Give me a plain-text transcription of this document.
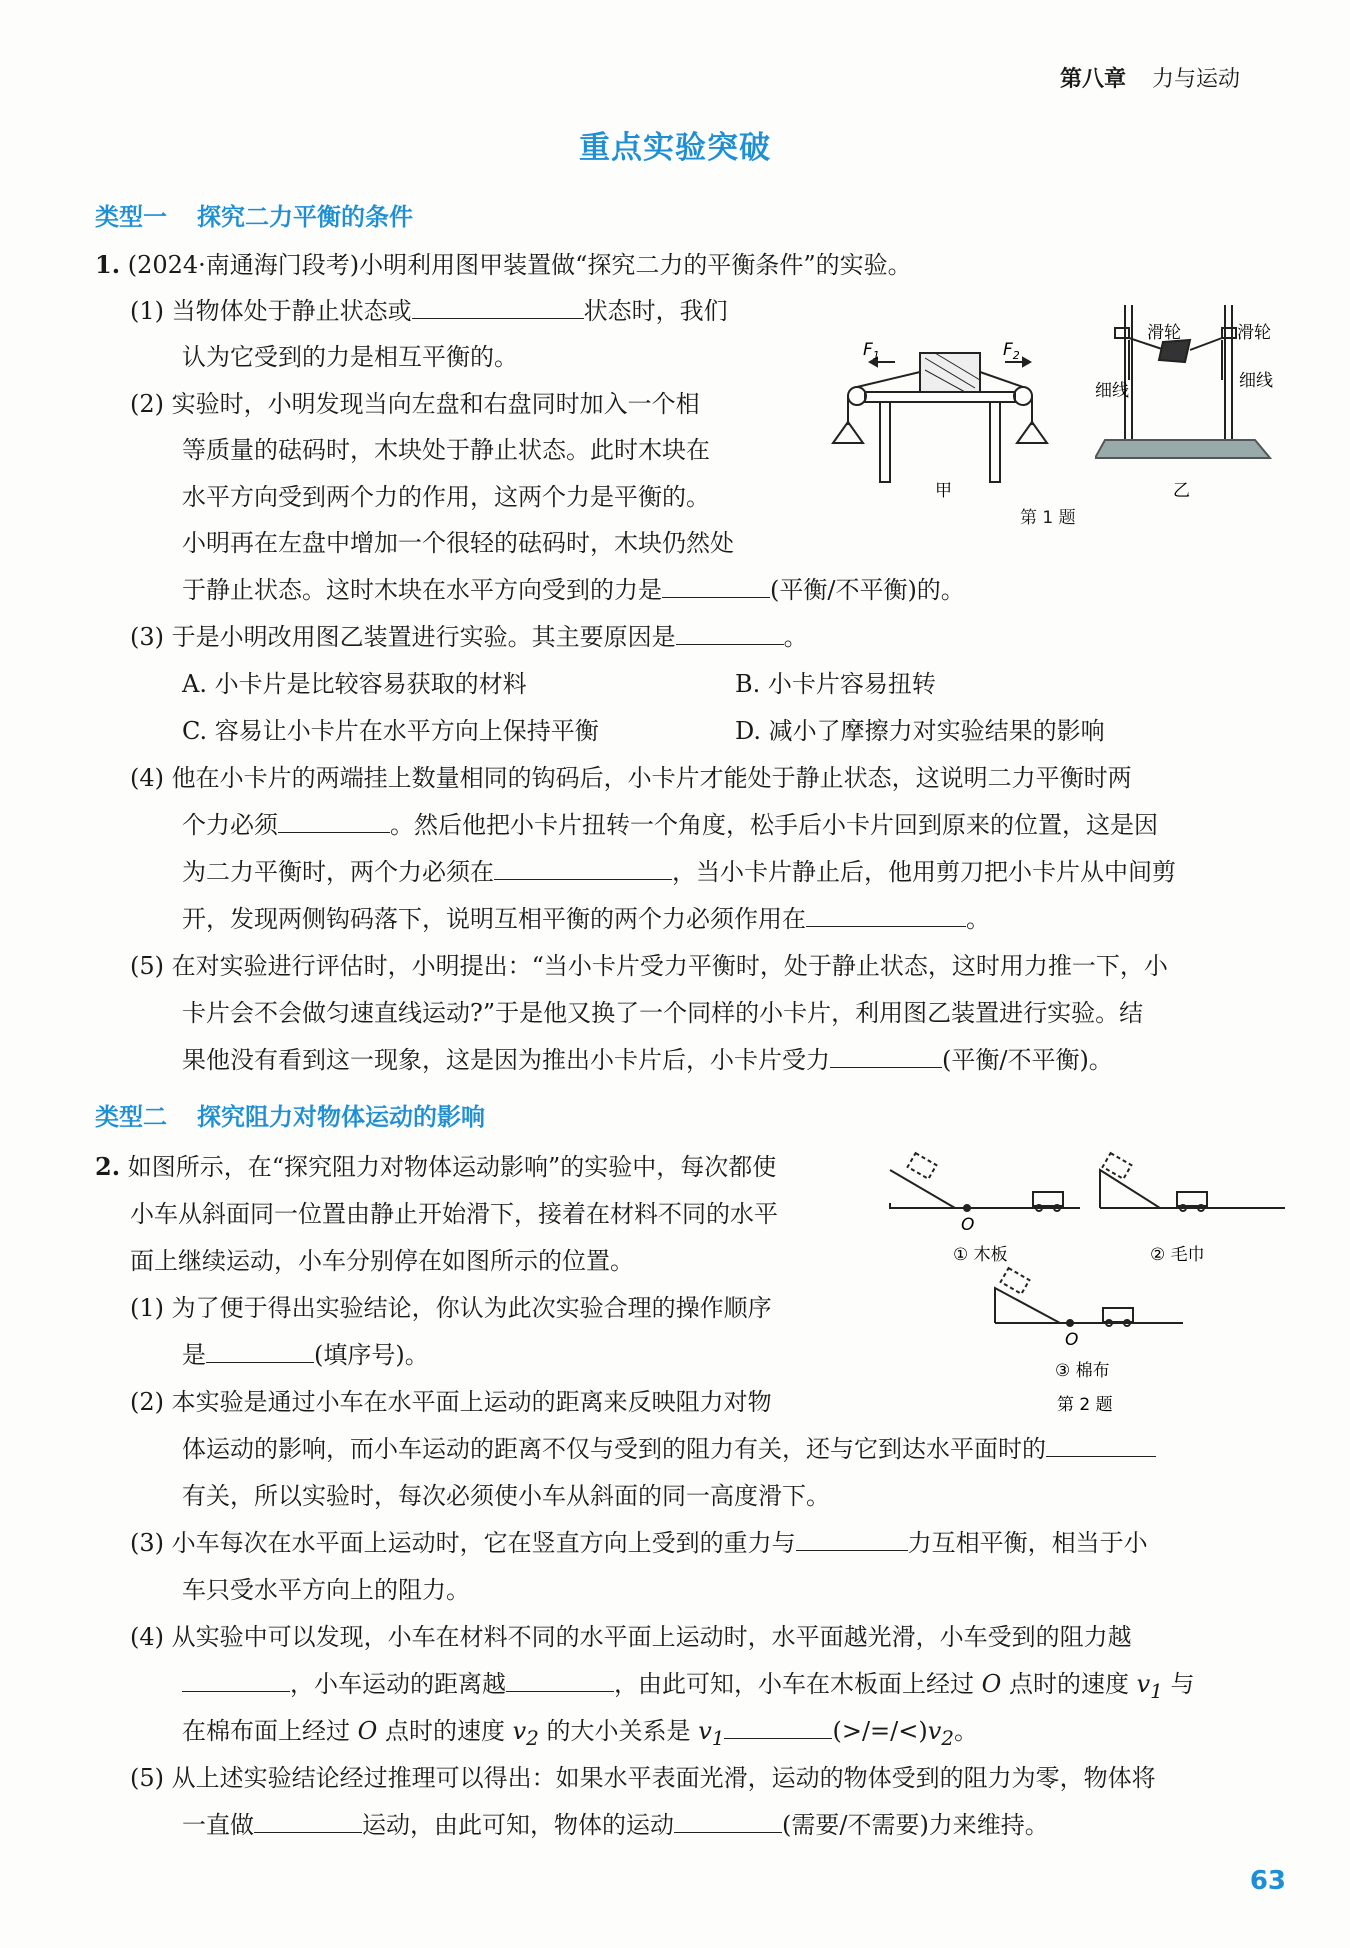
第八章 力与运动
重点实验突破
类型一 探究二力平衡的条件
1. (2024·南通海门段考)小明利用图甲装置做“探究二力的平衡条件”的实验。
(1) 当物体处于静止状态或	状态时，我们
认为它受到的力是相互平衡的。
(2) 实验时，小明发现当向左盘和右盘同时加入一个相
等质量的砝码时，木块处于静止状态。此时木块在
水平方向受到两个力的作用，这两个力是平衡的。
小明再在左盘中增加一个很轻的砝码时，木块仍然处
于静止状态。这时木块在水平方向受到的力是	(平衡/不平衡)的。
(3) 于是小明改用图乙装置进行实验。其主要原因是	。
A. 小卡片是比较容易获取的材料	B. 小卡片容易扭转
C. 容易让小卡片在水平方向上保持平衡	D. 减小了摩擦力对实验结果的影响
(4) 他在小卡片的两端挂上数量相同的钩码后，小卡片才能处于静止状态，这说明二力平衡时两
个力必须	。然后他把小卡片扭转一个角度，松手后小卡片回到原来的位置，这是因
为二力平衡时，两个力必须在	，当小卡片静止后，他用剪刀把小卡片从中间剪
开，发现两侧钩码落下，说明互相平衡的两个力必须作用在	。
(5) 在对实验进行评估时，小明提出：“当小卡片受力平衡时，处于静止状态，这时用力推一下，小
卡片会不会做匀速直线运动?”于是他又换了一个同样的小卡片，利用图乙装置进行实验。结
果他没有看到这一现象，这是因为推出小卡片后，小卡片受力	(平衡/不平衡)。
$F_1$	$F_2$
甲
滑轮	滑轮
细线	细线
乙
第 1 题
类型二 探究阻力对物体运动的影响
2. 如图所示，在“探究阻力对物体运动影响”的实验中，每次都使
小车从斜面同一位置由静止开始滑下，接着在材料不同的水平
面上继续运动，小车分别停在如图所示的位置。
(1) 为了便于得出实验结论，你认为此次实验合理的操作顺序
是	(填序号)。
(2) 本实验是通过小车在水平面上运动的距离来反映阻力对物
体运动的影响，而小车运动的距离不仅与受到的阻力有关，还与它到达水平面时的
有关，所以实验时，每次必须使小车从斜面的同一高度滑下。
(3) 小车每次在水平面上运动时，它在竖直方向上受到的重力与	力互相平衡，相当于小
车只受水平方向上的阻力。
(4) 从实验中可以发现，小车在材料不同的水平面上运动时，水平面越光滑，小车受到的阻力越
，小车运动的距离越	，由此可知，小车在木板面上经过 O 点时的速度 $v_1$ 与
在棉布面上经过 O 点时的速度 $v_2$ 的大小关系是 $v_1$	$(>/=/<)v_2$。
(5) 从上述实验结论经过推理可以得出：如果水平表面光滑，运动的物体受到的阻力为零，物体将
一直做	运动，由此可知，物体的运动	(需要/不需要)力来维持。
O
O
① 木板	② 毛巾
③ 棉布
第 2 题
63
